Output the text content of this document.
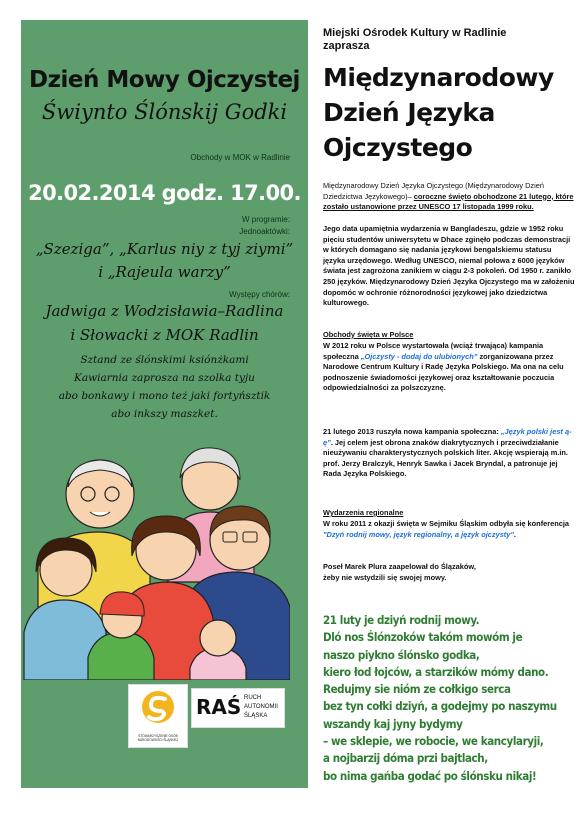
Dzień Mowy Ojczystej
Świynto Ślónskij Godki
Obchody w MOK w Radlinie
20.02.2014 godz. 17.00.
W programie:
Jednoaktówki:
„Szeziga”, „Karlus niy z tyj ziymi”
i „Rajeula warzy”
Występy chórów:
Jadwiga z Wodzisławia–Radlina
i Słowacki z MOK Radlin
Sztand ze ślónskimi ksiónżkami
Kawiarnia zaprosza na szolka tyju
abo bonkawy i mono też jaki fortyńsztik
abo inkszy maszket.
STOWARZYSZENIE OSÓB NARODOWOŚCI ŚLĄSKIEJ
RAŚ RUCH
AUTONOMII
ŚLĄSKA
Miejski Ośrodek Kultury w Radlinie
zaprasza
Międzynarodowy
Dzień Języka
Ojczystego
Międzynarodowy Dzień Języka Ojczystego (Międzynarodowy Dzień Dziedzictwa Językowego)– coroczne święto obchodzone 21 lutego, które zostało ustanowione przez UNESCO 17 listopada 1999 roku.
Jego data upamiętnia wydarzenia w Bangladeszu, gdzie w 1952 roku pięciu studentów uniwersytetu w Dhace zginęło podczas demonstracji w których domagano się nadania językowi bengalskiemu statusu języka urzędowego. Według UNESCO, niemal połowa z 6000 języków świata jest zagrożona zanikiem w ciągu 2-3 pokoleń. Od 1950 r. zanikło 250 języków. Międzynarodowy Dzień Języka Ojczystego ma w założeniu dopomóc w ochronie różnorodności językowej jako dziedzictwa kulturowego.
Obchody święta w Polsce
W 2012 roku w Polsce wystartowała (wciąż trwająca) kampania społeczna „Ojczysty - dodaj do ulubionych” zorganizowana przez Narodowe Centrum Kultury i Radę Języka Polskiego. Ma ona na celu podnoszenie świadomości językowej oraz kształtowanie poczucia odpowiedzialności za polszczyznę.
21 lutego 2013 ruszyła nowa kampania społeczna: „Język polski jest ą-ę”. Jej celem jest obrona znaków diakrytycznych i przeciwdziałanie nieużywaniu charakterystycznych polskich liter. Akcję wspierają m.in. prof. Jerzy Bralczyk, Henryk Sawka i Jacek Bryndal, a patronuje jej Rada Języka Polskiego.
Wydarzenia regionalne
W roku 2011 z okazji święta w Sejmiku Śląskim odbyła się konferencja "Dzyń rodnij mowy, język regionalny, a język ojczysty".
Poseł Marek Plura zaapelował do Ślązaków, żeby nie wstydzili się swojej mowy.
21 luty je dziyń rodnij mowy.
Dló nos Ślónzoków takóm mowóm je
naszo piykno ślónsko godka,
kiero łod łojców, a starzików mómy dano.
Redujmy sie nióm ze cołkigo serca
bez tyn cołki dziyń, a godejmy po naszymu
wszandy kaj jyny bydymy
– we sklepie, we robocie, we kancylaryji,
a nojbarzij dóma przi bajtlach,
bo nima gańba godać po ślónsku nikaj!
